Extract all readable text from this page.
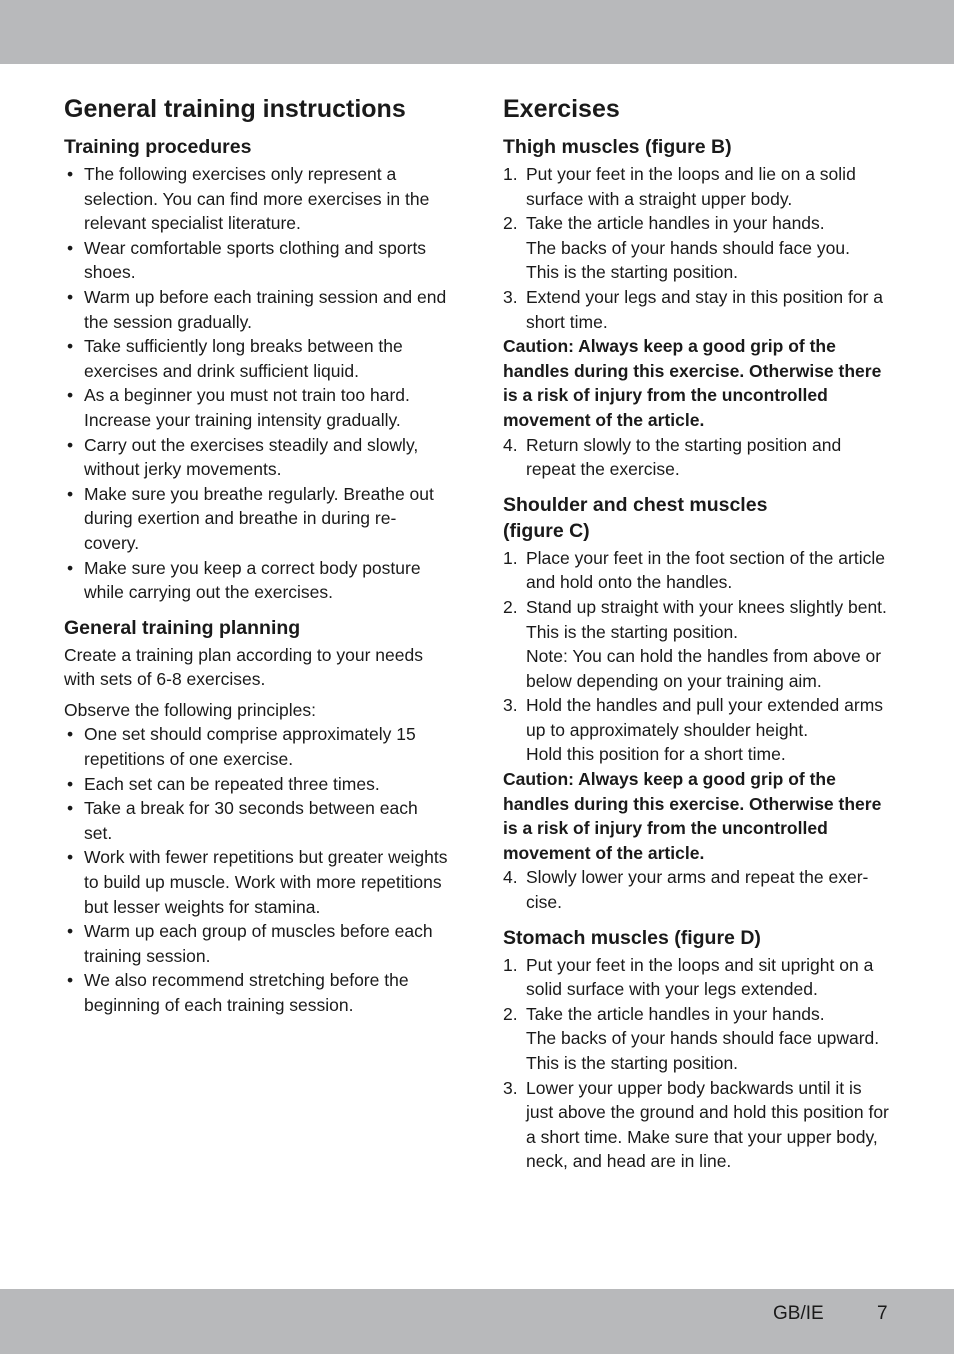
General training instructions
Training procedures
• The following exercises only represent a selection. You can find more exercises in the relevant specialist literature.
• Wear comfortable sports clothing and sports shoes.
• Warm up before each training session and end the session gradually.
• Take sufficiently long breaks between the exercises and drink sufficient liquid.
• As a beginner you must not train too hard. Increase your training intensity gradually.
• Carry out the exercises steadily and slowly, without jerky movements.
• Make sure you breathe regularly. Breathe out during exertion and breathe in during re-covery.
• Make sure you keep a correct body posture while carrying out the exercises.
General training planning

Create a training plan according to your needs with sets of 6-8 exercises.

Observe the following principles:

• One set should comprise approximately 15 repetitions of one exercise.
• Each set can be repeated three times.
• Take a break for 30 seconds between each set.
• Work with fewer repetitions but greater weights to build up muscle. Work with more repetitions but lesser weights for stamina.
• Warm up each group of muscles before each training session.
• We also recommend stretching before the beginning of each training session.
Exercises
Thigh muscles (figure B)
1. Put your feet in the loops and lie on a solid surface with a straight upper body.
2. Take the article handles in your hands.
The backs of your hands should face you.
This is the starting position.
3. Extend your legs and stay in this position for a short time.

Caution: Always keep a good grip of the handles during this exercise. Otherwise there is a risk of injury from the uncontrolled movement of the article.

4. Return slowly to the starting position and repeat the exercise.
Shoulder and chest muscles
(figure C)
1. Place your feet in the foot section of the article and hold onto the handles.
2. Stand up straight with your knees slightly bent. This is the starting position.
Note: You can hold the handles from above or below depending on your training aim.
3. Hold the handles and pull your extended arms up to approximately shoulder height.
Hold this position for a short time.

Caution: Always keep a good grip of the handles during this exercise. Otherwise there is a risk of injury from the uncontrolled movement of the article.

4. Slowly lower your arms and repeat the exer-cise.
Stomach muscles (figure D)
1. Put your feet in the loops and sit upright on a solid surface with your legs extended.
2. Take the article handles in your hands.
The backs of your hands should face upward.
This is the starting position.
3. Lower your upper body backwards until it is just above the ground and hold this position for a short time. Make sure that your upper body, neck, and head are in line.
GB/IE	7
